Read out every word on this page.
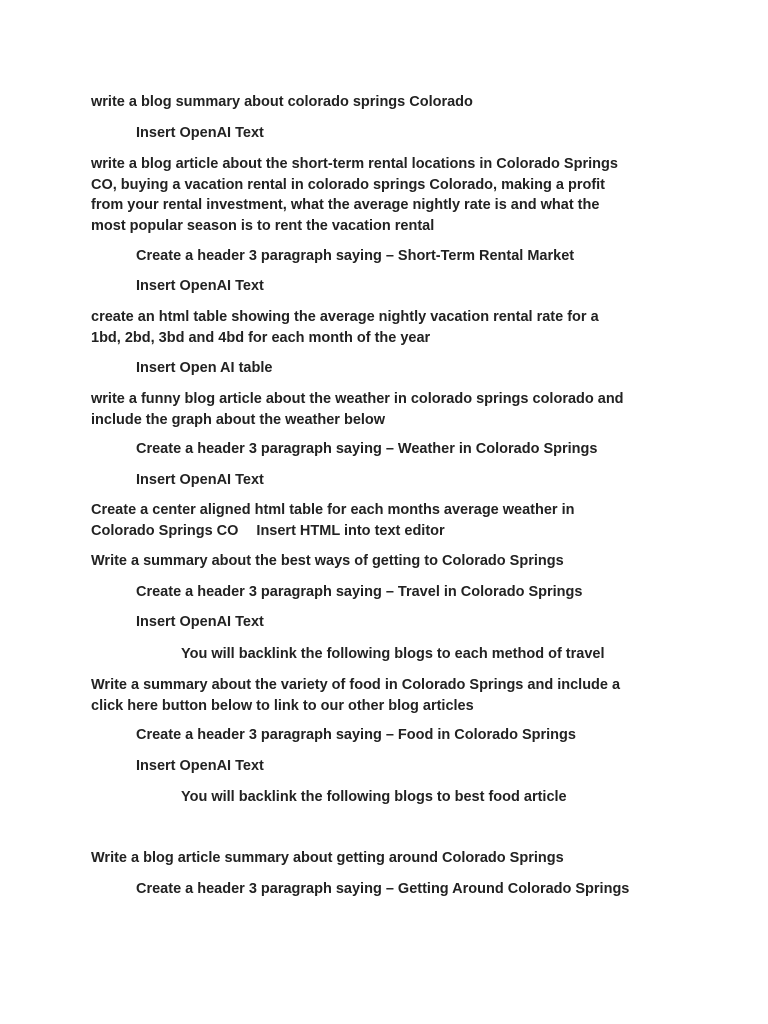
write a blog summary about colorado springs Colorado
Insert OpenAI Text
write a blog article about the short-term rental locations in Colorado Springs
CO, buying a vacation rental in colorado springs Colorado, making a profit
from your rental investment, what the average nightly rate is and what the
most popular season is to rent the vacation rental
Create a header 3 paragraph saying – Short-Term Rental Market
Insert OpenAI Text
create an html table showing the average nightly vacation rental rate for a
1bd, 2bd, 3bd and 4bd for each month of the year
Insert Open AI table
write a funny blog article about the weather in colorado springs colorado and
include the graph about the weather below
Create a header 3 paragraph saying – Weather in Colorado Springs
Insert OpenAI Text
Create a center aligned html table for each months average weather in
Colorado Springs CO Insert HTML into text editor
Write a summary about the best ways of getting to Colorado Springs
Create a header 3 paragraph saying – Travel in Colorado Springs
Insert OpenAI Text
You will backlink the following blogs to each method of travel
Write a summary about the variety of food in Colorado Springs and include a
click here button below to link to our other blog articles
Create a header 3 paragraph saying – Food in Colorado Springs
Insert OpenAI Text
You will backlink the following blogs to best food article
Write a blog article summary about getting around Colorado Springs
Create a header 3 paragraph saying – Getting Around Colorado Springs
